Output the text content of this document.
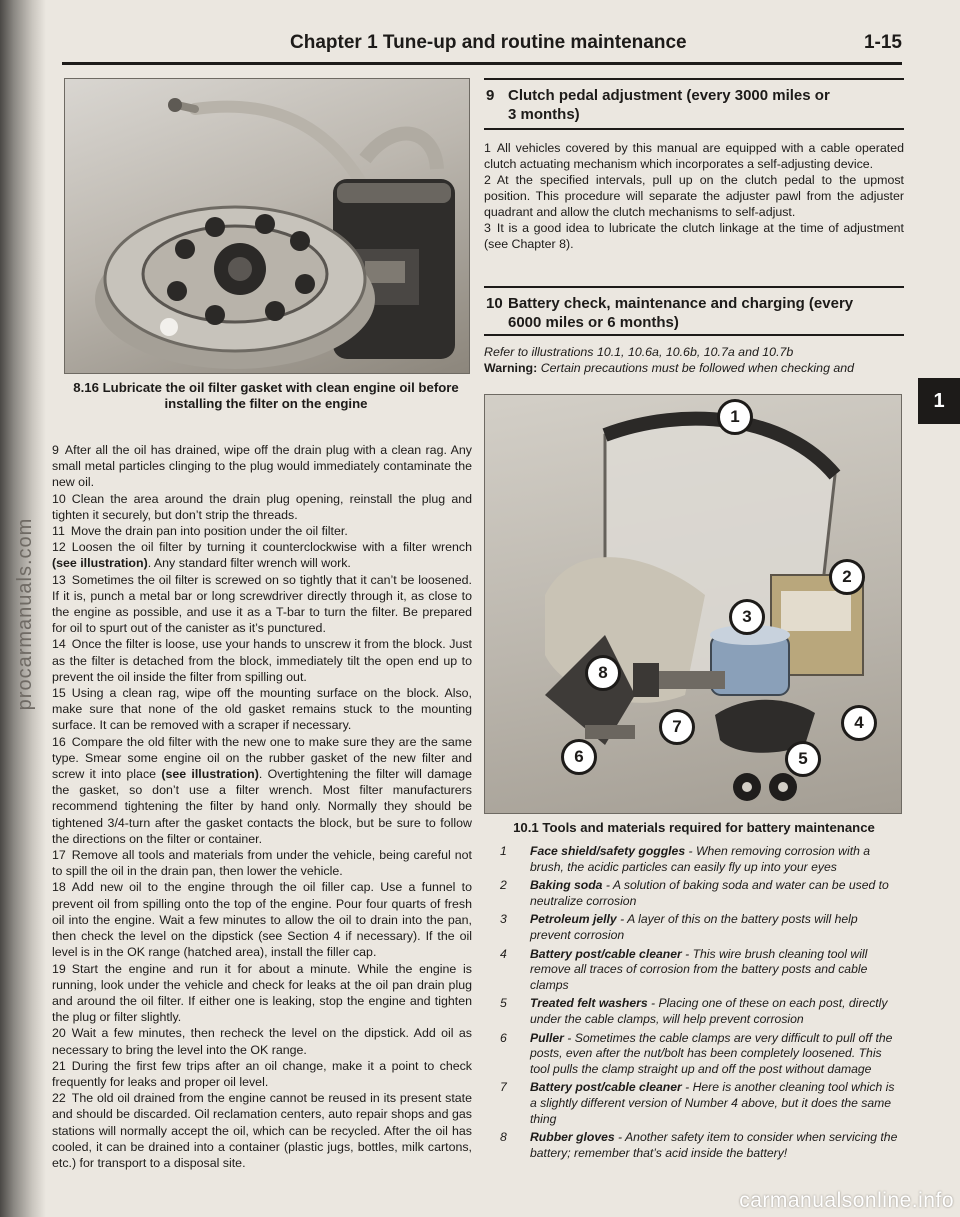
procarmanuals.com
Chapter 1 Tune-up and routine maintenance	1-15
1
8.16 Lubricate the oil filter gasket with clean engine oil before installing the filter on the engine

9 After all the oil has drained, wipe off the drain plug with a clean rag. Any small metal particles clinging to the plug would immediately contaminate the new oil.

10 Clean the area around the drain plug opening, reinstall the plug and tighten it securely, but don’t strip the threads.

11 Move the drain pan into position under the oil filter.

12 Loosen the oil filter by turning it counterclockwise with a filter wrench (see illustration). Any standard filter wrench will work.

13 Sometimes the oil filter is screwed on so tightly that it can’t be loosened. If it is, punch a metal bar or long screwdriver directly through it, as close to the engine as possible, and use it as a T-bar to turn the filter. Be prepared for oil to spurt out of the canister as it’s punctured.

14 Once the filter is loose, use your hands to unscrew it from the block. Just as the filter is detached from the block, immediately tilt the open end up to prevent the oil inside the filter from spilling out.

15 Using a clean rag, wipe off the mounting surface on the block. Also, make sure that none of the old gasket remains stuck to the mounting surface. It can be removed with a scraper if necessary.

16 Compare the old filter with the new one to make sure they are the same type. Smear some engine oil on the rubber gasket of the new filter and screw it into place (see illustration). Overtightening the filter will damage the gasket, so don’t use a filter wrench. Most filter manufacturers recommend tightening the filter by hand only. Normally they should be tightened 3/4-turn after the gasket contacts the block, but be sure to follow the directions on the filter or container.

17 Remove all tools and materials from under the vehicle, being careful not to spill the oil in the drain pan, then lower the vehicle.

18 Add new oil to the engine through the oil filler cap. Use a funnel to prevent oil from spilling onto the top of the engine. Pour four quarts of fresh oil into the engine. Wait a few minutes to allow the oil to drain into the pan, then check the level on the dipstick (see Section 4 if necessary). If the oil level is in the OK range (hatched area), install the filler cap.

19 Start the engine and run it for about a minute. While the engine is running, look under the vehicle and check for leaks at the oil pan drain plug and around the oil filter. If either one is leaking, stop the engine and tighten the plug or filter slightly.

20 Wait a few minutes, then recheck the level on the dipstick. Add oil as necessary to bring the level into the OK range.

21 During the first few trips after an oil change, make it a point to check frequently for leaks and proper oil level.

22 The old oil drained from the engine cannot be reused in its present state and should be discarded. Oil reclamation centers, auto repair shops and gas stations will normally accept the oil, which can be recycled. After the oil has cooled, it can be drained into a container (plastic jugs, bottles, milk cartons, etc.) for transport to a disposal site.

9 Clutch pedal adjustment (every 3000 miles or
3 months)

1 All vehicles covered by this manual are equipped with a cable operated clutch actuating mechanism which incorporates a self-adjusting device.

2 At the specified intervals, pull up on the clutch pedal to the upmost position. This procedure will separate the adjuster pawl from the adjuster quadrant and allow the clutch mechanisms to self-adjust.

3 It is a good idea to lubricate the clutch linkage at the time of adjustment (see Chapter 8).

10 Battery check, maintenance and charging (every
6000 miles or 6 months)
Refer to illustrations 10.1, 10.6a, 10.6b, 10.7a and 10.7b
Warning: Certain precautions must be followed when checking and
1
2
3
4
5
6
7
8
10.1 Tools and materials required for battery maintenance
1	Face shield/safety goggles - When removing corrosion with a brush, the acidic particles can easily fly up into your eyes
2	Baking soda - A solution of baking soda and water can be used to neutralize corrosion
3	Petroleum jelly - A layer of this on the battery posts will help prevent corrosion
4	Battery post/cable cleaner - This wire brush cleaning tool will remove all traces of corrosion from the battery posts and cable clamps
5	Treated felt washers - Placing one of these on each post, directly under the cable clamps, will help prevent corrosion
6	Puller - Sometimes the cable clamps are very difficult to pull off the posts, even after the nut/bolt has been completely loosened. This tool pulls the clamp straight up and off the post without damage
7	Battery post/cable cleaner - Here is another cleaning tool which is a slightly different version of Number 4 above, but it does the same thing
8	Rubber gloves - Another safety item to consider when servicing the battery; remember that’s acid inside the battery!
carmanualsonline.info
